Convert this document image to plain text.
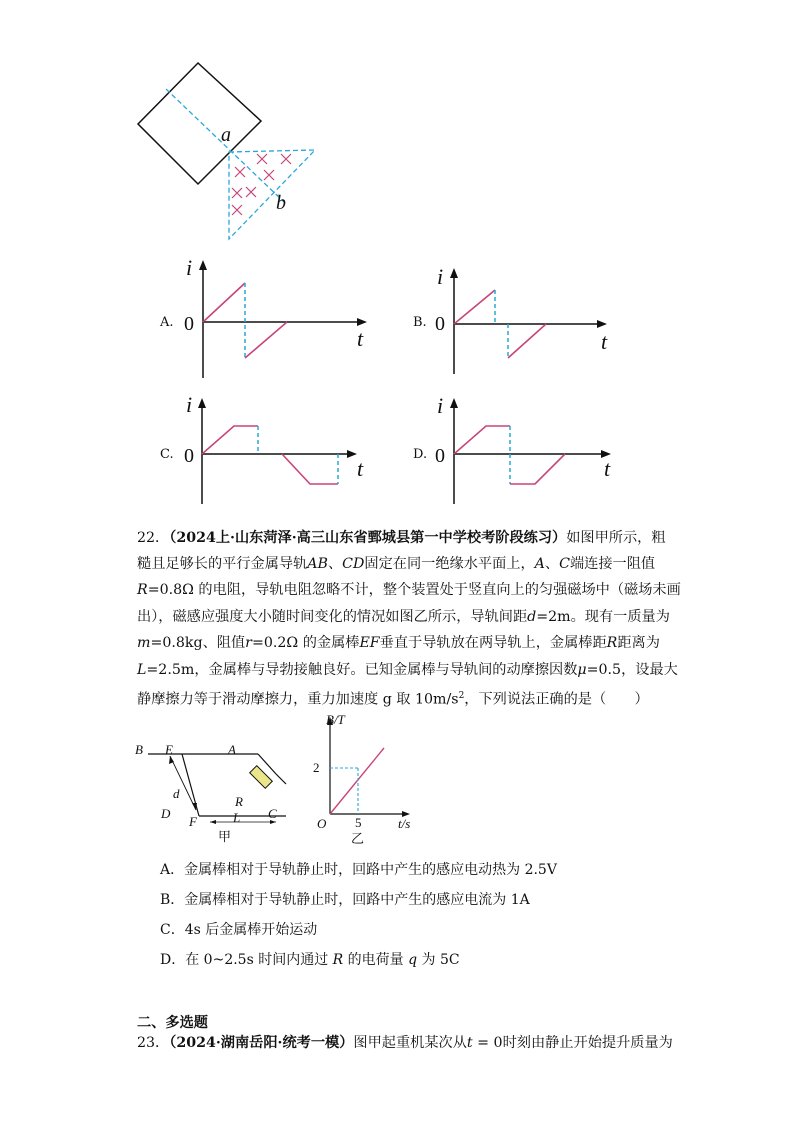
a
b
A. 0
i
t
B. 0
i
t
C. 0
i
t
D. 0
i
t
22．（2024上·山东菏泽·高三山东省鄄城县第一中学校考阶段练习）如图甲所示，粗
糙且足够长的平行金属导轨AB、CD固定在同一绝缘水平面上，A、C端连接一阻值
R=0.8Ω 的电阻，导轨电阻忽略不计，整个装置处于竖直向上的匀强磁场中（磁场未画
出），磁感应强度大小随时间变化的情况如图乙所示，导轨间距d=2m。现有一质量为
m=0.8kg、阻值r=0.2Ω 的金属棒EF垂直于导轨放在两导轨上，金属棒距R距离为
L=2.5m，金属棒与导勃接触良好。已知金属棒与导轨间的动摩擦因数μ=0.5，设最大
静摩擦力等于滑动摩擦力，重力加速度 g 取 $10m/s^2$，下列说法正确的是（　　）
B E	A
d
R
D
F	L C
甲
B/T
2
O 5	t/s
乙
A．金属棒相对于导轨静止时，回路中产生的感应电动热为 2.5V
B．金属棒相对于导轨静止时，回路中产生的感应电流为 1A
C．4s 后金属棒开始运动
D．在 0~2.5s 时间内通过 R 的电荷量 q 为 5C
二、多选题
23．（2024·湖南岳阳·统考一模）图甲起重机某次从t = 0时刻由静止开始提升质量为
